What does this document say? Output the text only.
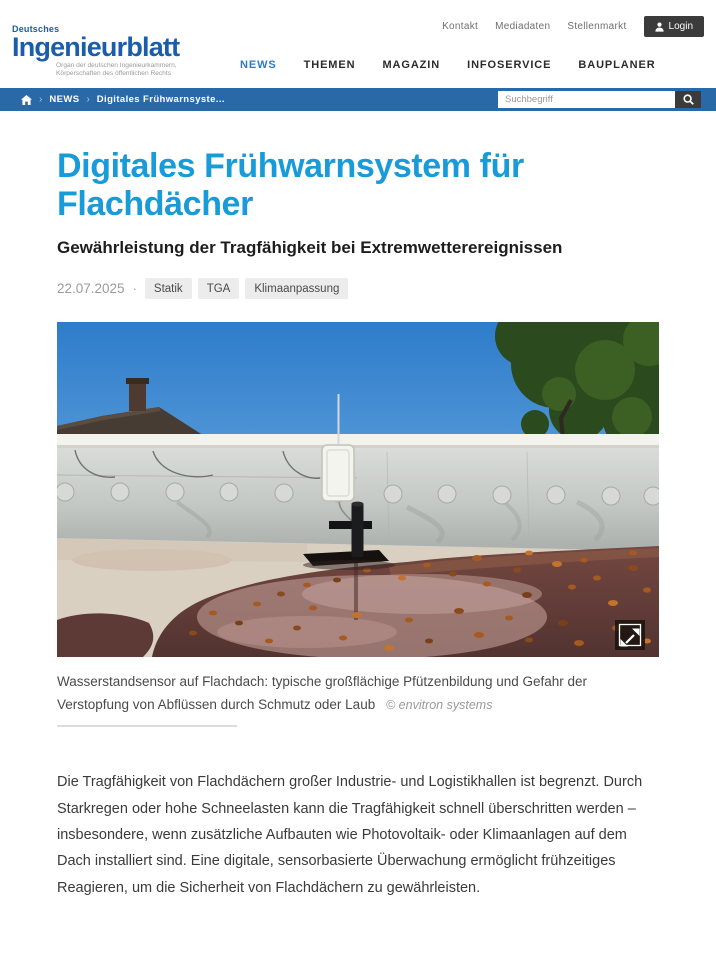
Deutsches
Ingenieurblatt
Organ der deutschen Ingenieurkammern,
Körperschaften des öffentlichen Rechts
Kontakt Mediadaten Stellenmarkt	Login
NEWS THEMEN MAGAZIN INFOSERVICE BAUPLANER
› NEWS › Digitales Frühwarnsyste...
Suchbegriff
Digitales Frühwarnsystem für Flachdächer
Gewährleistung der Tragfähigkeit bei Extremwetterereignissen
22.07.2025 ·	Statik	TGA	Klimaanpassung
Wasserstandsensor auf Flachdach: typische großflächige Pfützenbildung und Gefahr der Verstopfung von Abflüssen durch Schmutz oder Laub © envitron systems

Die Tragfähigkeit von Flachdächern großer Industrie- und Logistikhallen ist begrenzt. Durch Starkregen oder hohe Schneelasten kann die Tragfähigkeit schnell überschritten werden – insbesondere, wenn zusätzliche Aufbauten wie Photovoltaik- oder Klimaanlagen auf dem Dach installiert sind. Eine digitale, sensorbasierte Überwachung ermöglicht frühzeitiges Reagieren, um die Sicherheit von Flachdächern zu gewährleisten.
